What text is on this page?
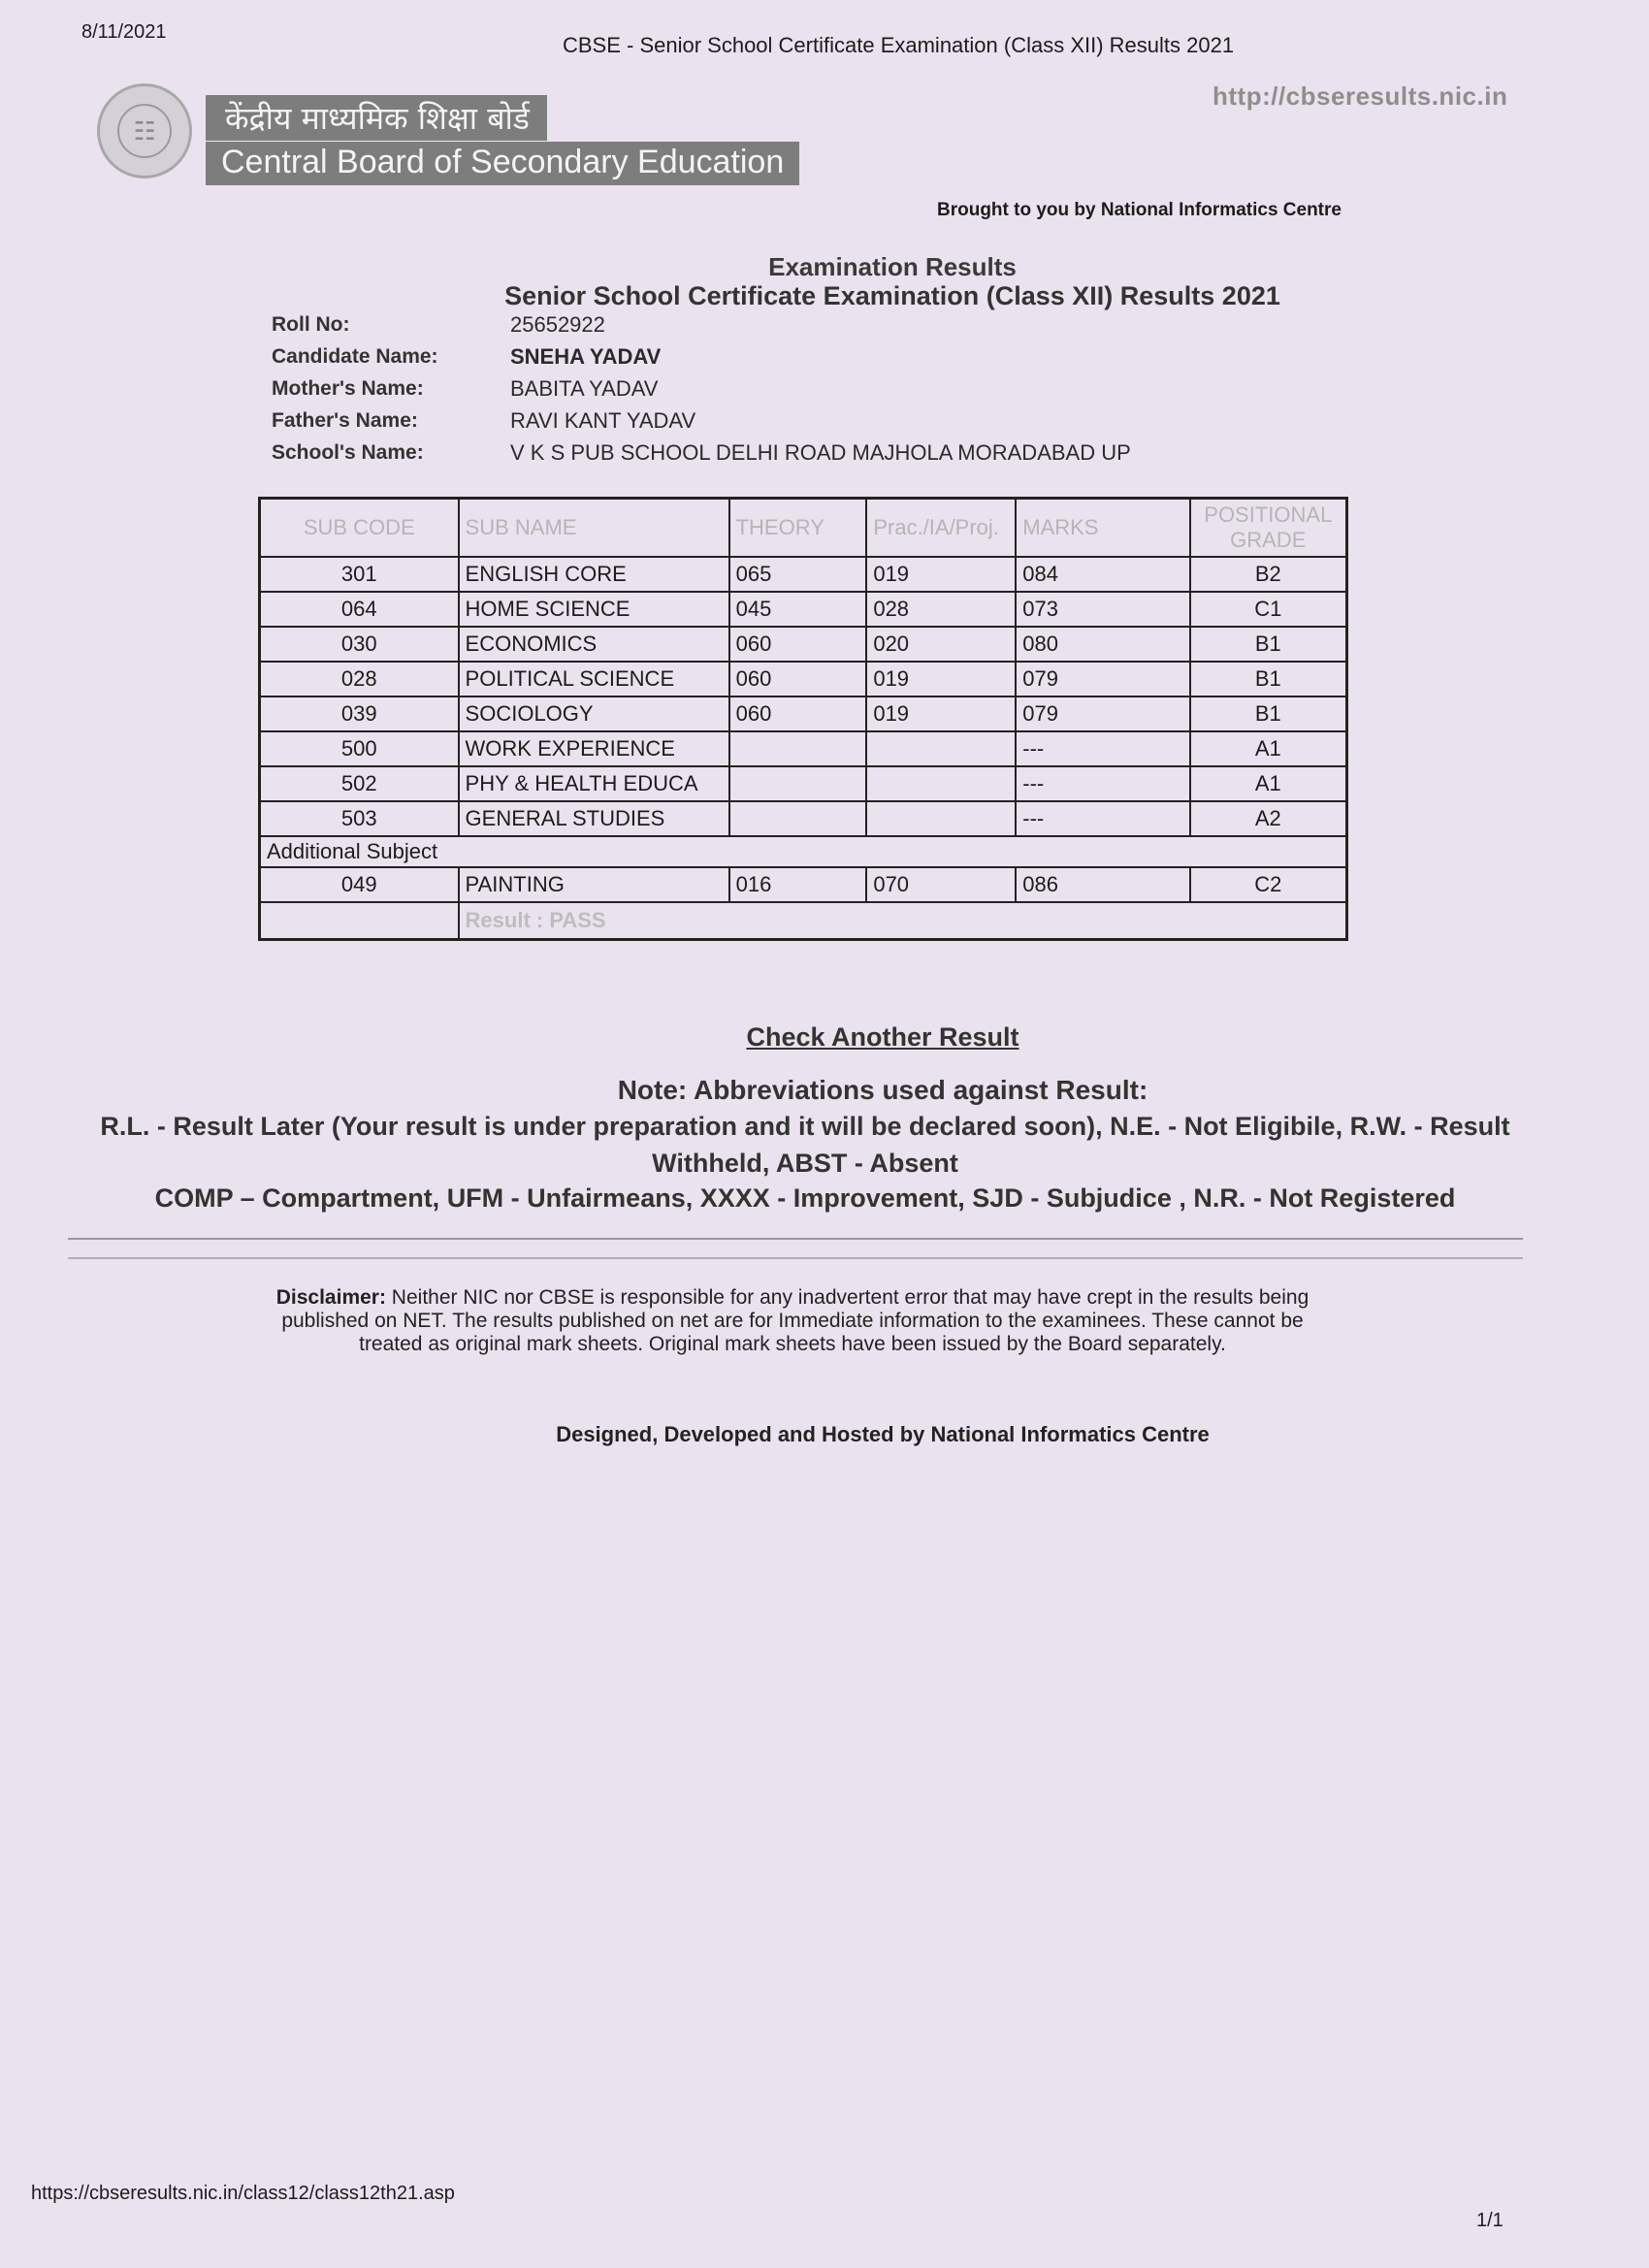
8/11/2021
CBSE - Senior School Certificate Examination (Class XII) Results 2021
http://cbseresults.nic.in
☷	केंद्रीय माध्यमिक शिक्षा बोर्ड
Central Board of Secondary Education
Brought to you by National Informatics Centre
Examination Results
Senior School Certificate Examination (Class XII) Results 2021
Roll No:	25652922
Candidate Name:	SNEHA YADAV
Mother's Name:	BABITA YADAV
Father's Name:	RAVI KANT YADAV
School's Name:	V K S PUB SCHOOL DELHI ROAD MAJHOLA MORADABAD UP
SUB CODE	SUB NAME	THEORY	Prac./IA/Proj.	MARKS	POSITIONAL GRADE
301	ENGLISH CORE	065	019	084	B2
064	HOME SCIENCE	045	028	073	C1
030	ECONOMICS	060	020	080	B1
028	POLITICAL SCIENCE	060	019	079	B1
039	SOCIOLOGY	060	019	079	B1
500	WORK EXPERIENCE			---	A1
502	PHY & HEALTH EDUCA			---	A1
503	GENERAL STUDIES			---	A2
Additional Subject					
049	PAINTING	016	070	086	C2
	Result : PASS				
Check Another Result
Note: Abbreviations used against Result:
R.L. - Result Later (Your result is under preparation and it will be declared soon), N.E. - Not Eligibile, R.W. - Result Withheld, ABST - Absent
COMP – Compartment, UFM - Unfairmeans, XXXX - Improvement, SJD - Subjudice , N.R. - Not Registered
Disclaimer: Neither NIC nor CBSE is responsible for any inadvertent error that may have crept in the results being published on NET. The results published on net are for Immediate information to the examinees. These cannot be treated as original mark sheets. Original mark sheets have been issued by the Board separately.
Designed, Developed and Hosted by National Informatics Centre
https://cbseresults.nic.in/class12/class12th21.asp
1/1
